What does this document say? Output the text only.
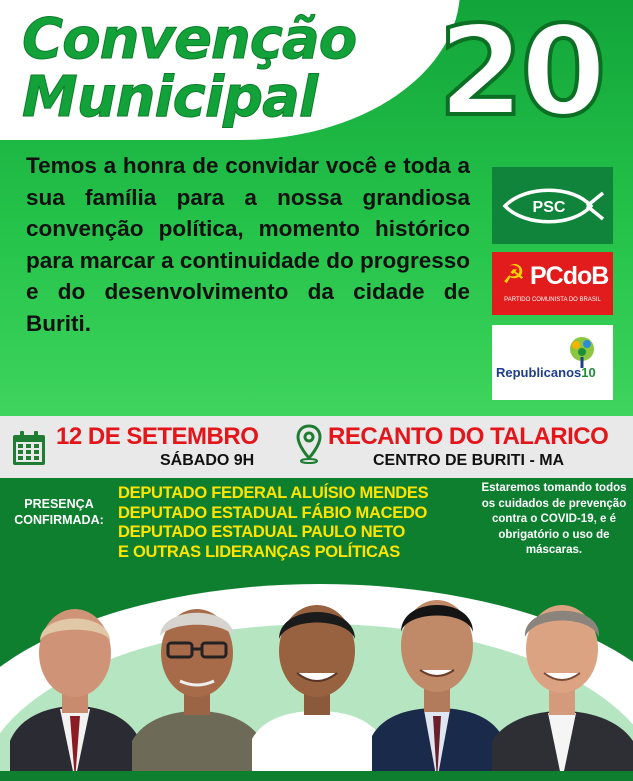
Convenção
Municipal 20

Temos a honra de convidar você e toda a sua família para a nossa grandiosa convenção política, momento histórico para marcar a continuidade do progresso e do desenvolvimento da cidade de Buriti.

PSC
☭ PCdoB
PARTIDO COMUNISTA DO BRASIL
Republicanos10
12 DE SETEMBRO
SÁBADO 9H
RECANTO DO TALARICO
CENTRO DE BURITI - MA
PRESENÇA CONFIRMADA:
DEPUTADO FEDERAL ALUÍSIO MENDES
DEPUTADO ESTADUAL FÁBIO MACEDO
DEPUTADO ESTADUAL PAULO NETO
E OUTRAS LIDERANÇAS POLÍTICAS
Estaremos tomando todos os cuidados de prevenção contra o COVID-19, e é obrigatório o uso de máscaras.
